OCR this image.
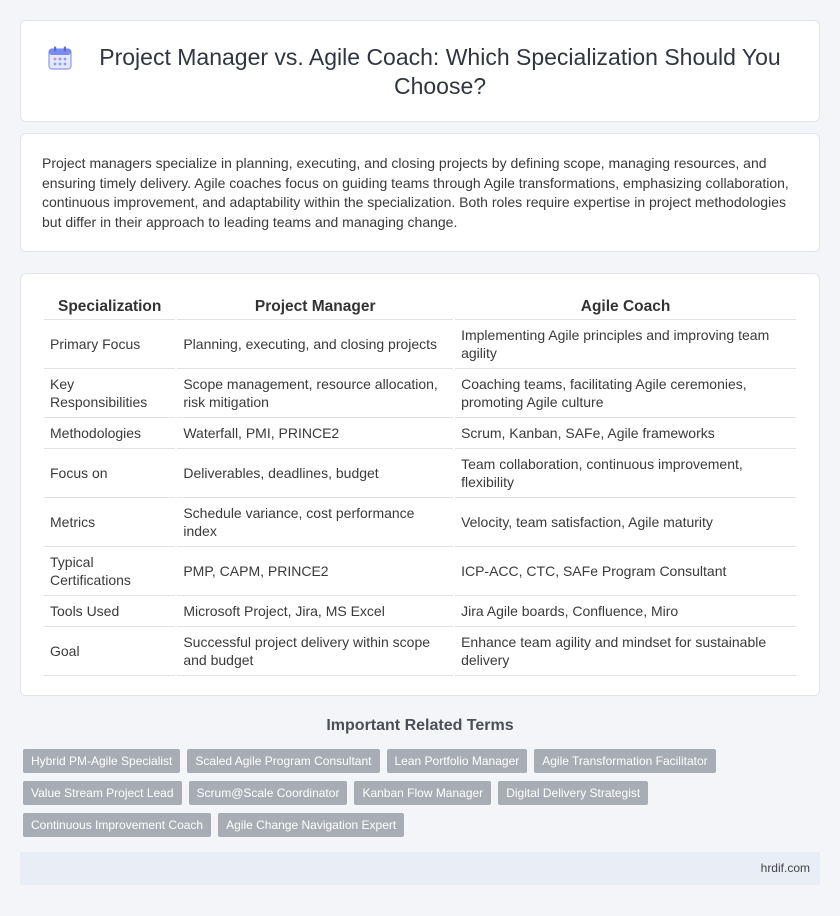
Project Manager vs. Agile Coach: Which Specialization Should You Choose?

Project managers specialize in planning, executing, and closing projects by defining scope, managing resources, and ensuring timely delivery. Agile coaches focus on guiding teams through Agile transformations, emphasizing collaboration, continuous improvement, and adaptability within the specialization. Both roles require expertise in project methodologies but differ in their approach to leading teams and managing change.

Specialization	Project Manager	Agile Coach
Primary Focus	Planning, executing, and closing projects	Implementing Agile principles and improving team agility
Key Responsibilities	Scope management, resource allocation, risk mitigation	Coaching teams, facilitating Agile ceremonies, promoting Agile culture
Methodologies	Waterfall, PMI, PRINCE2	Scrum, Kanban, SAFe, Agile frameworks
Focus on	Deliverables, deadlines, budget	Team collaboration, continuous improvement, flexibility
Metrics	Schedule variance, cost performance index	Velocity, team satisfaction, Agile maturity
Typical Certifications	PMP, CAPM, PRINCE2	ICP-ACC, CTC, SAFe Program Consultant
Tools Used	Microsoft Project, Jira, MS Excel	Jira Agile boards, Confluence, Miro
Goal	Successful project delivery within scope and budget	Enhance team agility and mindset for sustainable delivery
Important Related Terms
Hybrid PM-Agile Specialist	Scaled Agile Program Consultant	Lean Portfolio Manager	Agile Transformation Facilitator
Value Stream Project Lead	Scrum@Scale Coordinator	Kanban Flow Manager	Digital Delivery Strategist
Continuous Improvement Coach	Agile Change Navigation Expert
hrdif.com
